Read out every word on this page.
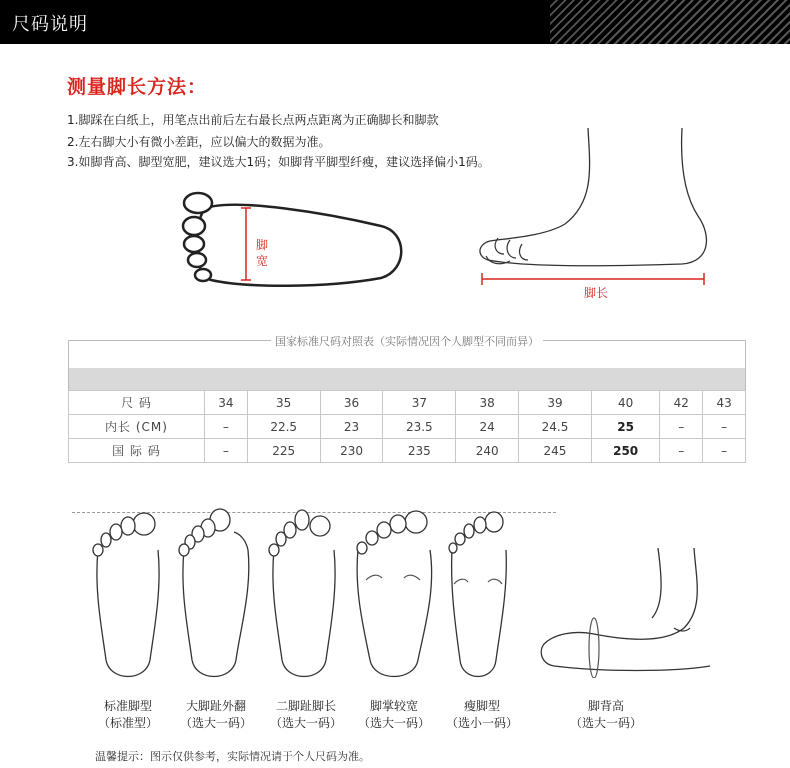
尺码说明
测量脚长方法：
1.脚踩在白纸上，用笔点出前后左右最长点两点距离为正确脚长和脚款
2.左右脚大小有微小差距，应以偏大的数据为准。
3.如脚背高、脚型宽肥，建议选大1码；如脚背平脚型纤瘦，建议选择偏小1码。
脚
宽
脚长
国家标准尺码对照表（实际情况因个人脚型不同而异）
尺 码	34	35	36	37	38	39	40	42	43
内长 (CM)	–	22.5	23	23.5	24	24.5	25	–	–
国 际 码	–	225	230	235	240	245	250	–	–
标准脚型
（标准型）
大脚趾外翻
（选大一码）
二脚趾脚长
（选大一码）
脚掌较宽
（选大一码）
瘦脚型
（选小一码）
脚背高
（选大一码）
温馨提示：图示仅供参考，实际情况请于个人尺码为准。
